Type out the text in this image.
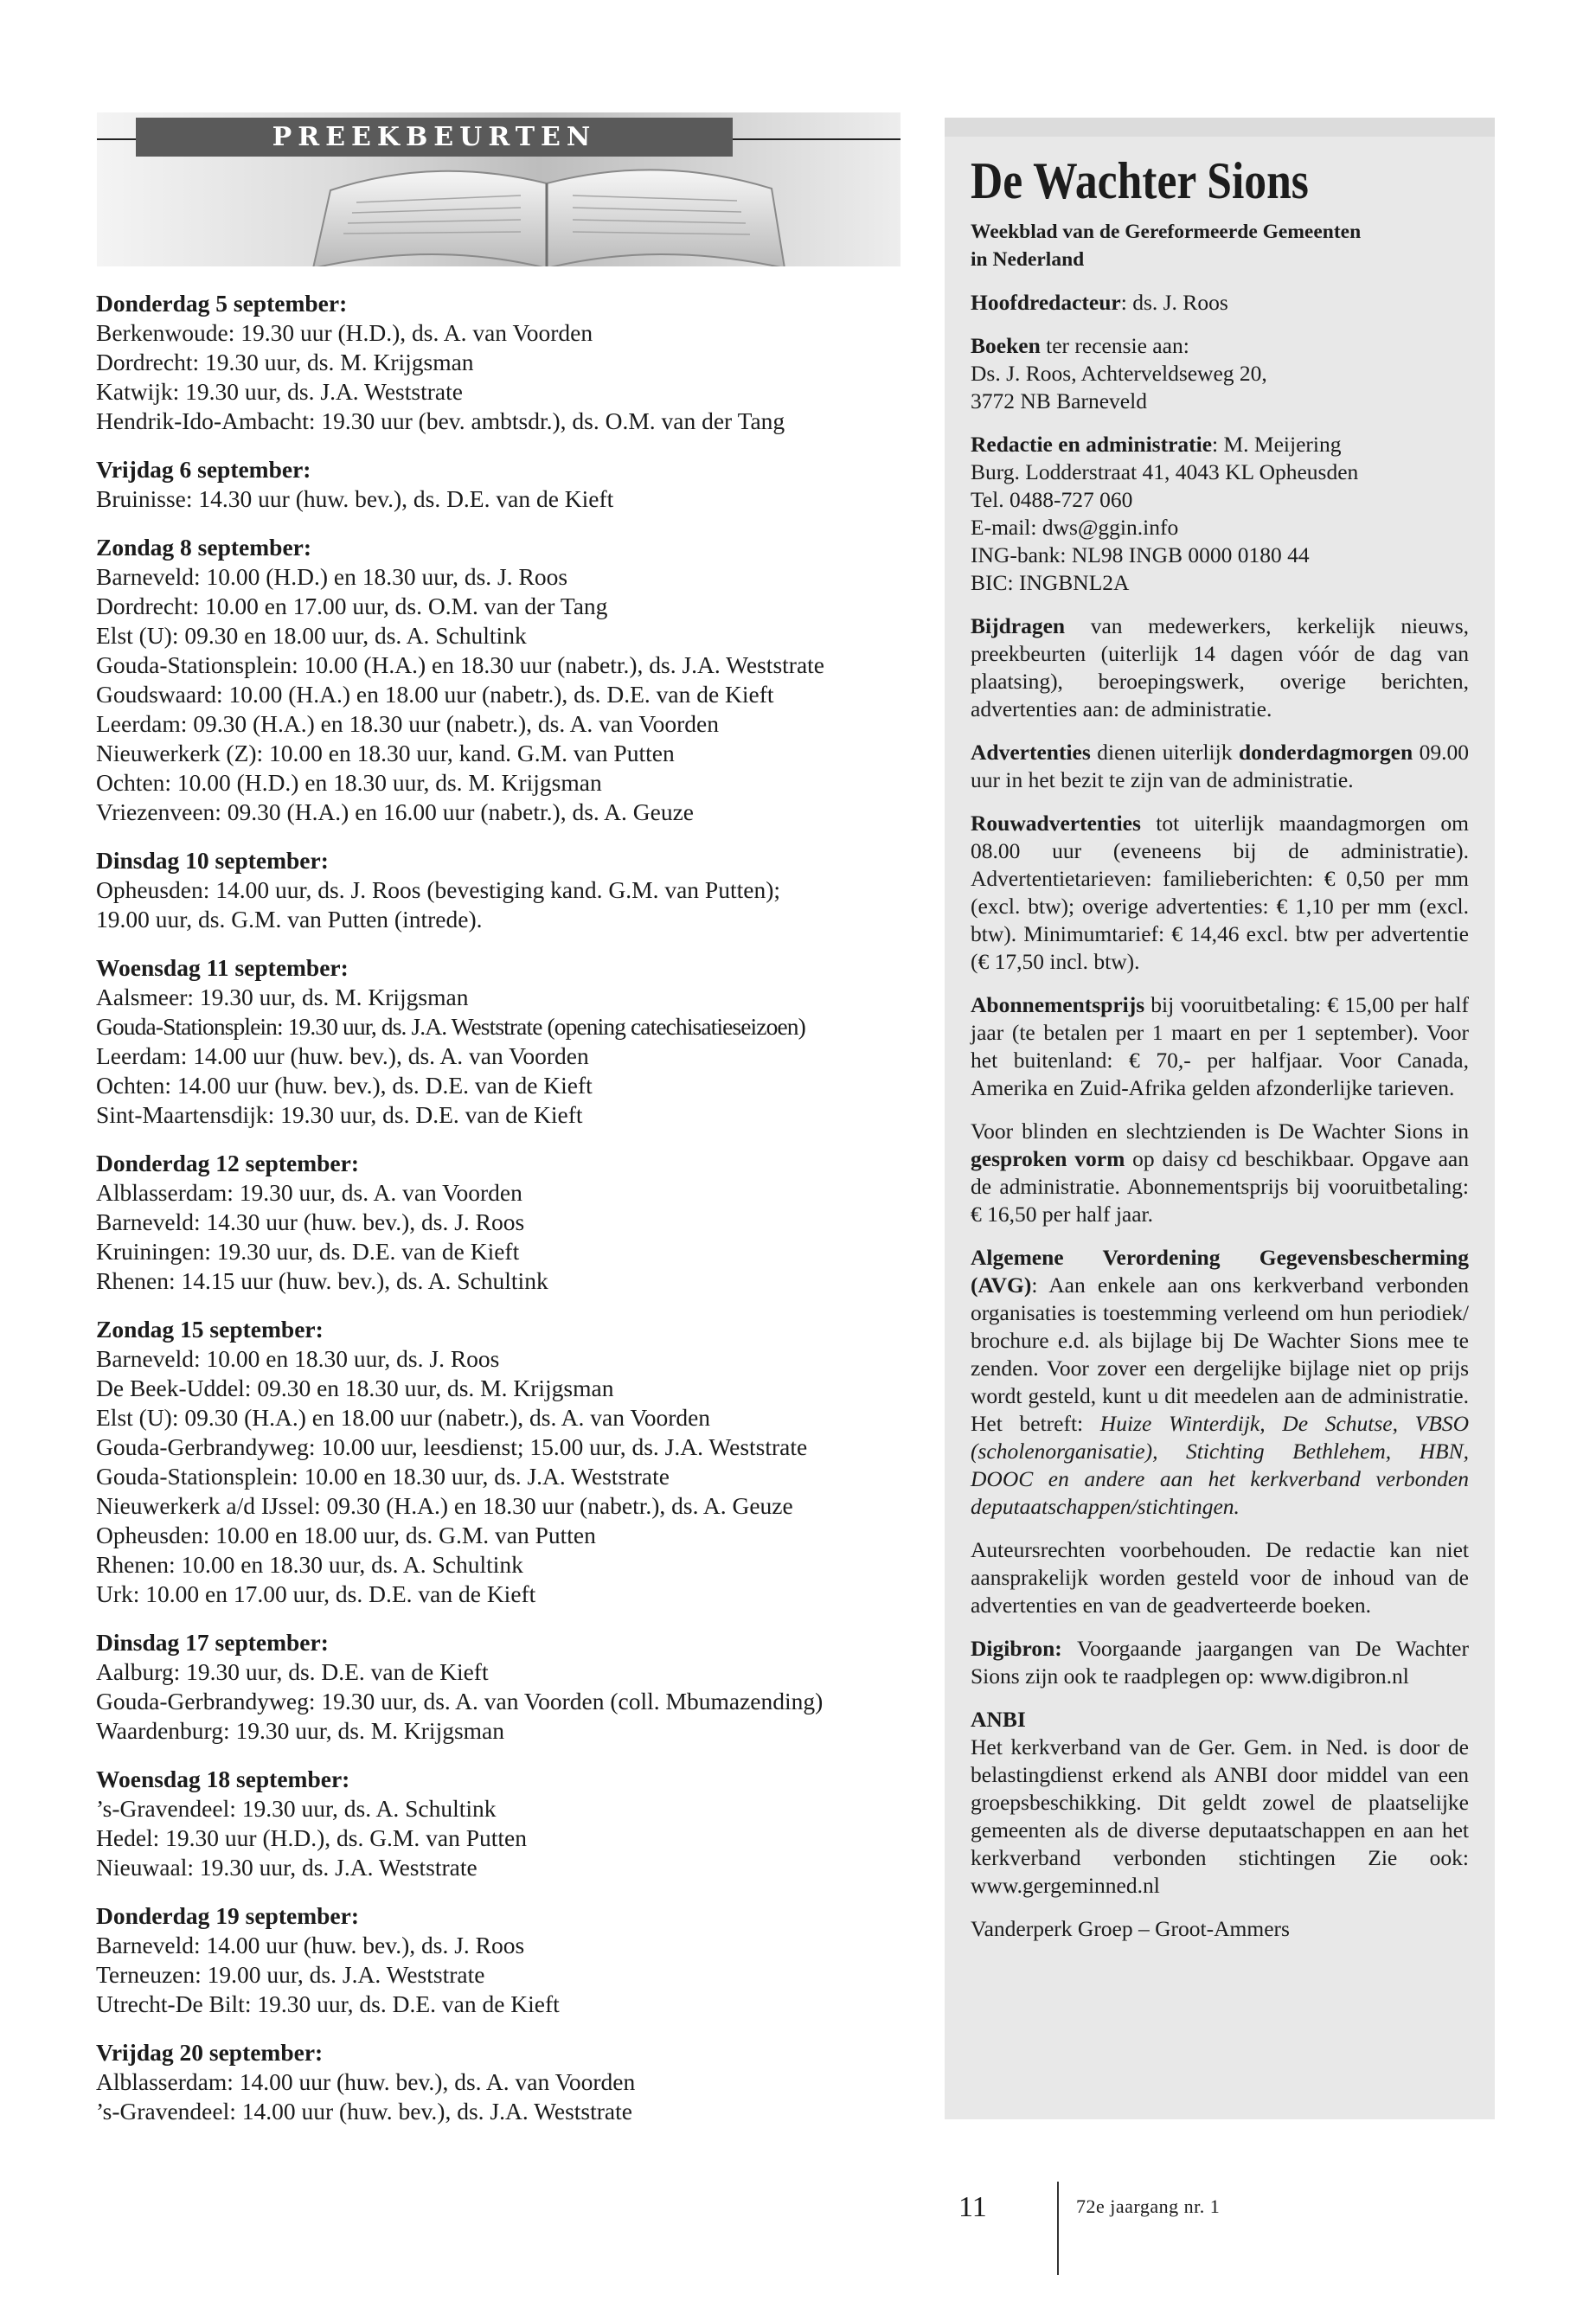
PREEKBEURTEN
Donderdag 5 september:
Berkenwoude: 19.30 uur (H.D.), ds. A. van Voorden
Dordrecht: 19.30 uur, ds. M. Krijgsman
Katwijk: 19.30 uur, ds. J.A. Weststrate
Hendrik-Ido-Ambacht: 19.30 uur (bev. ambtsdr.), ds. O.M. van der Tang
Vrijdag 6 september:
Bruinisse: 14.30 uur (huw. bev.), ds. D.E. van de Kieft
Zondag 8 september:
Barneveld: 10.00 (H.D.) en 18.30 uur, ds. J. Roos
Dordrecht: 10.00 en 17.00 uur, ds. O.M. van der Tang
Elst (U): 09.30 en 18.00 uur, ds. A. Schultink
Gouda-Stationsplein: 10.00 (H.A.) en 18.30 uur (nabetr.), ds. J.A. Weststrate
Goudswaard: 10.00 (H.A.) en 18.00 uur (nabetr.), ds. D.E. van de Kieft
Leerdam: 09.30 (H.A.) en 18.30 uur (nabetr.), ds. A. van Voorden
Nieuwerkerk (Z): 10.00 en 18.30 uur, kand. G.M. van Putten
Ochten: 10.00 (H.D.) en 18.30 uur, ds. M. Krijgsman
Vriezenveen: 09.30 (H.A.) en 16.00 uur (nabetr.), ds. A. Geuze
Dinsdag 10 september:
Opheusden: 14.00 uur, ds. J. Roos (bevestiging kand. G.M. van Putten);
19.00 uur, ds. G.M. van Putten (intrede).
Woensdag 11 september:
Aalsmeer: 19.30 uur, ds. M. Krijgsman
Gouda-Stationsplein: 19.30 uur, ds. J.A. Weststrate (opening catechisatieseizoen)
Leerdam: 14.00 uur (huw. bev.), ds. A. van Voorden
Ochten: 14.00 uur (huw. bev.), ds. D.E. van de Kieft
Sint-Maartensdijk: 19.30 uur, ds. D.E. van de Kieft
Donderdag 12 september:
Alblasserdam: 19.30 uur, ds. A. van Voorden
Barneveld: 14.30 uur (huw. bev.), ds. J. Roos
Kruiningen: 19.30 uur, ds. D.E. van de Kieft
Rhenen: 14.15 uur (huw. bev.), ds. A. Schultink
Zondag 15 september:
Barneveld: 10.00 en 18.30 uur, ds. J. Roos
De Beek-Uddel: 09.30 en 18.30 uur, ds. M. Krijgsman
Elst (U): 09.30 (H.A.) en 18.00 uur (nabetr.), ds. A. van Voorden
Gouda-Gerbrandyweg: 10.00 uur, leesdienst; 15.00 uur, ds. J.A. Weststrate
Gouda-Stationsplein: 10.00 en 18.30 uur, ds. J.A. Weststrate
Nieuwerkerk a/d IJssel: 09.30 (H.A.) en 18.30 uur (nabetr.), ds. A. Geuze
Opheusden: 10.00 en 18.00 uur, ds. G.M. van Putten
Rhenen: 10.00 en 18.30 uur, ds. A. Schultink
Urk: 10.00 en 17.00 uur, ds. D.E. van de Kieft
Dinsdag 17 september:
Aalburg: 19.30 uur, ds. D.E. van de Kieft
Gouda-Gerbrandyweg: 19.30 uur, ds. A. van Voorden (coll. Mbumazending)
Waardenburg: 19.30 uur, ds. M. Krijgsman
Woensdag 18 september:
’s-Gravendeel: 19.30 uur, ds. A. Schultink
Hedel: 19.30 uur (H.D.), ds. G.M. van Putten
Nieuwaal: 19.30 uur, ds. J.A. Weststrate
Donderdag 19 september:
Barneveld: 14.00 uur (huw. bev.), ds. J. Roos
Terneuzen: 19.00 uur, ds. J.A. Weststrate
Utrecht-De Bilt: 19.30 uur, ds. D.E. van de Kieft
Vrijdag 20 september:
Alblasserdam: 14.00 uur (huw. bev.), ds. A. van Voorden
’s-Gravendeel: 14.00 uur (huw. bev.), ds. J.A. Weststrate
De Wachter Sions
Weekblad van de Gereformeerde Gemeenten
in Nederland

Hoofdredacteur: ds. J. Roos

Boeken ter recensie aan:

Ds. J. Roos, Achterveldseweg 20,

3772 NB Barneveld

Redactie en administratie: M. Meijering

Burg. Lodderstraat 41, 4043 KL Opheusden

Tel. 0488-727 060

E-mail: dws@ggin.info

ING-bank: NL98 INGB 0000 0180 44

BIC: INGBNL2A

Bijdragen van medewerkers, kerkelijk nieuws, preekbeurten (uiterlijk 14 dagen vóór de dag van plaatsing), beroepingswerk, overige berichten, advertenties aan: de administratie.

Advertenties dienen uiterlijk donderdagmorgen 09.00 uur in het bezit te zijn van de administratie.

Rouwadvertenties tot uiterlijk maandagmorgen om 08.00 uur (eveneens bij de administratie). Advertentietarieven: familieberichten: € 0,50 per mm (excl. btw); overige advertenties: € 1,10 per mm (excl. btw). Minimumtarief: € 14,46 excl. btw per advertentie (€ 17,50 incl. btw).

Abonnementsprijs bij vooruitbetaling: € 15,00 per half jaar (te betalen per 1 maart en per 1 september). Voor het buitenland: € 70,- per halfjaar. Voor Canada, Amerika en Zuid-Afrika gelden afzonderlijke tarieven.

Voor blinden en slechtzienden is De Wachter Sions in gesproken vorm op daisy cd beschikbaar. Opgave aan de administratie. Abonnementsprijs bij vooruitbetaling: € 16,50 per half jaar.

Algemene Verordening Gegevensbescherming (AVG): Aan enkele aan ons kerkverband verbonden organisaties is toestemming verleend om hun periodiek/ brochure e.d. als bijlage bij De Wachter Sions mee te zenden. Voor zover een dergelijke bijlage niet op prijs wordt gesteld, kunt u dit meedelen aan de administratie. Het betreft: Huize Winterdijk, De Schutse, VBSO (scholenorganisatie), Stichting Bethlehem, HBN, DOOC en andere aan het kerkverband verbonden deputaatschappen/stichtingen.

Auteursrechten voorbehouden. De redactie kan niet aansprakelijk worden gesteld voor de inhoud van de advertenties en van de geadverteerde boeken.

Digibron: Voorgaande jaargangen van De Wachter Sions zijn ook te raadplegen op: www.digibron.nl

ANBI

Het kerkverband van de Ger. Gem. in Ned. is door de belastingdienst erkend als ANBI door middel van een groepsbeschikking. Dit geldt zowel de plaatselijke gemeenten als de diverse deputaatschappen en aan het kerkverband verbonden stichtingen Zie ook: www.gergeminned.nl

Vanderperk Groep – Groot-Ammers

11	72e jaargang nr. 1
